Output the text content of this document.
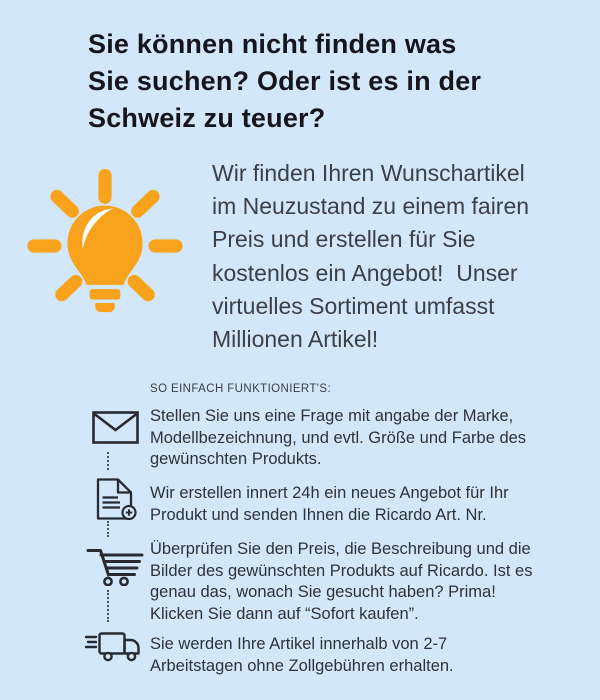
Sie können nicht finden was
Sie suchen? Oder ist es in der
Schweiz zu teuer?
Wir finden Ihren Wunschartikel
im Neuzustand zu einem fairen
Preis und erstellen für Sie
kostenlos ein Angebot!  Unser
virtuelles Sortiment umfasst
Millionen Artikel!
SO EINFACH FUNKTIONIERT'S:
Stellen Sie uns eine Frage mit angabe der Marke,
Modellbezeichnung, und evtl. Größe und Farbe des
gewünschten Produkts.
Wir erstellen innert 24h ein neues Angebot für Ihr
Produkt und senden Ihnen die Ricardo Art. Nr.
Überprüfen Sie den Preis, die Beschreibung und die
Bilder des gewünschten Produkts auf Ricardo. Ist es
genau das, wonach Sie gesucht haben? Prima!
Klicken Sie dann auf “Sofort kaufen”.
Sie werden Ihre Artikel innerhalb von 2-7
Arbeitstagen ohne Zollgebühren erhalten.
